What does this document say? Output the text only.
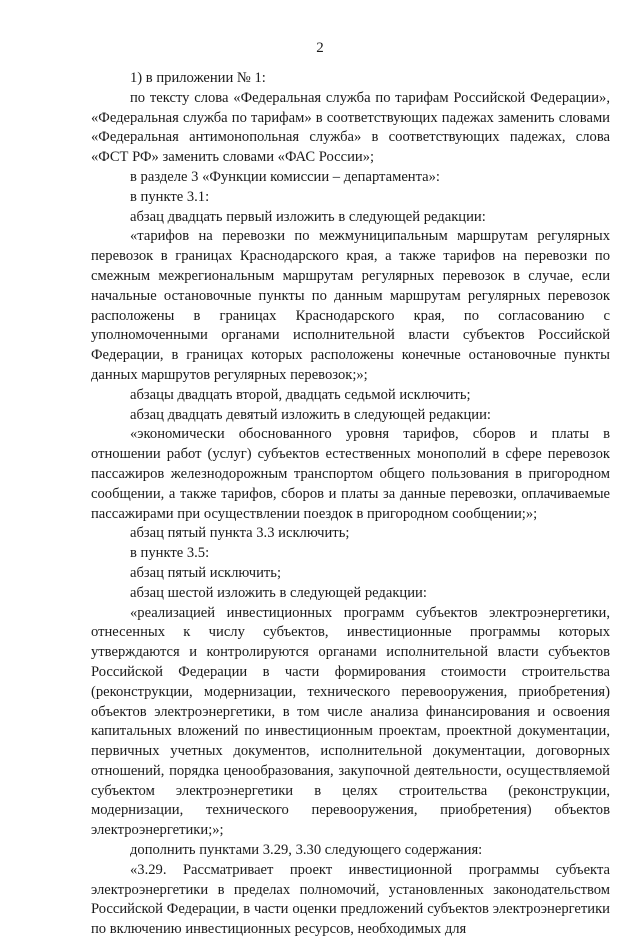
2

1) в приложении № 1:

по тексту слова «Федеральная служба по тарифам Российской Федерации», «Федеральная служба по тарифам» в соответствующих падежах заменить словами «Федеральная антимонопольная служба» в соответствующих падежах, слова «ФСТ РФ» заменить словами «ФАС России»;

в разделе 3 «Функции комиссии – департамента»:

в пункте 3.1:

абзац двадцать первый изложить в следующей редакции:

«тарифов на перевозки по межмуниципальным маршрутам регулярных перевозок в границах Краснодарского края, а также тарифов на перевозки по смежным межрегиональным маршрутам регулярных перевозок в случае, если начальные остановочные пункты по данным маршрутам регулярных перевозок расположены в границах Краснодарского края, по согласованию с уполномоченными органами исполнительной власти субъектов Российской Федерации, в границах которых расположены конечные остановочные пункты данных маршрутов регулярных перевозок;»;

абзацы двадцать второй, двадцать седьмой исключить;

абзац двадцать девятый изложить в следующей редакции:

«экономически обоснованного уровня тарифов, сборов и платы в отношении работ (услуг) субъектов естественных монополий в сфере перевозок пассажиров железнодорожным транспортом общего пользования в пригородном сообщении, а также тарифов, сборов и платы за данные перевозки, оплачиваемые пассажирами при осуществлении поездок в пригородном сообщении;»;

абзац пятый пункта 3.3 исключить;

в пункте 3.5:

абзац пятый исключить;

абзац шестой изложить в следующей редакции:

«реализацией инвестиционных программ субъектов электроэнергетики, отнесенных к числу субъектов, инвестиционные программы которых утверждаются и контролируются органами исполнительной власти субъектов Российской Федерации в части формирования стоимости строительства (реконструкции, модернизации, технического перевооружения, приобретения) объектов электроэнергетики, в том числе анализа финансирования и освоения капитальных вложений по инвестиционным проектам, проектной документации, первичных учетных документов, исполнительной документации, договорных отношений, порядка ценообразования, закупочной деятельности, осуществляемой субъектом электроэнергетики в целях строительства (реконструкции, модернизации, технического перевооружения, приобретения) объектов электроэнергетики;»;

дополнить пунктами 3.29, 3.30 следующего содержания:

«3.29. Рассматривает проект инвестиционной программы субъекта электроэнергетики в пределах полномочий, установленных законодательством Российской Федерации, в части оценки предложений субъектов электроэнергетики по включению инвестиционных ресурсов, необходимых для
